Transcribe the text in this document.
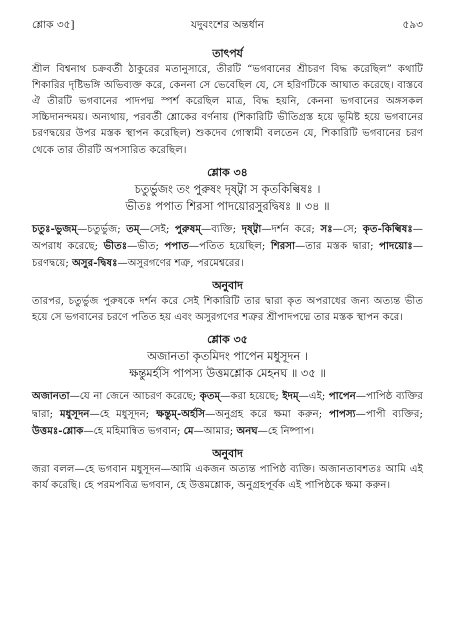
শ্লোক ৩৫]	যদুবংশের অন্তর্ধান	৫৯৩
তাৎপর্য

শ্রীল বিশ্বনাথ চক্রবর্তী ঠাকুরের মতানুসারে, তীরটি “ভগবানের শ্রীচরণ বিদ্ধ করেছিল” কথাটি শিকারির দৃষ্টিভঙ্গি অভিব্যক্ত করে, কেননা সে ভেবেছিল যে, সে হরিণটিকে আঘাত করেছে। বাস্তবে ঐ তীরটি ভগবানের পাদপদ্ম স্পর্শ করেছিল মাত্র, বিদ্ধ হয়নি, কেননা ভগবানের অঙ্গসকল সচ্চিদানন্দময়। অন্যথায়, পরবর্তী শ্লোকের বর্ণনায় (শিকারিটি ভীতিগ্রস্ত হয়ে ভূমিষ্ট হয়ে ভগবানের চরণদ্বয়ের উপর মস্তক স্থাপন করেছিল) শুকদেব গোস্বামী বলতেন যে, শিকারিটি ভগবানের চরণ থেকে তার তীরটি অপসারিত করেছিল।

শ্লোক ৩৪
চতুর্ভুজং তং পুরুষং দৃষ্ট্বা স কৃতকিল্বিষঃ ।
ভীতঃ পপাত শিরসা পাদয়োরসুরদ্বিষঃ ॥ ৩৪ ॥

চতুঃ-ভুজম্—চতুর্ভুজ; তম্—সেই; পুরুষম্—ব্যক্তি; দৃষ্ট্বা—দর্শন করে; সঃ—সে; কৃত-কিল্বিষঃ—অপরাধ করেছে; ভীতঃ—ভীত; পপাত—পতিত হয়েছিল; শিরসা—তার মস্তক দ্বারা; পাদয়োঃ—চরণদ্বয়ে; অসুর-দ্বিষঃ—অসুরগণের শত্রু, পরমেশ্বরের।

অনুবাদ

তারপর, চতুর্ভুজ পুরুষকে দর্শন করে সেই শিকারিটি তার দ্বারা কৃত অপরাধের জন্য অত্যন্ত ভীত হয়ে সে ভগবানের চরণে পতিত হয় এবং অসুরগণের শত্রুর শ্রীপাদপদ্মে তার মস্তক স্থাপন করে।

শ্লোক ৩৫
অজানতা কৃতমিদং পাপেন মধুসূদন ।
ক্ষন্তুমর্হসি পাপস্য উত্তমশ্লোক মেহনঘ ॥ ৩৫ ॥

অজানতা—যে না জেনে আচরণ করেছে; কৃতম্—করা হয়েছে; ইদম্—এই; পাপেন—পাপিষ্ঠ ব্যক্তির দ্বারা; মধুসূদন—হে মধুসূদন; ক্ষন্তুম্-অর্হসি—অনুগ্রহ করে ক্ষমা করুন; পাপস্য—পাপী ব্যক্তির; উত্তমঃ-শ্লোক—হে মহিমান্বিত ভগবান; মে—আমার; অনঘ—হে নিষ্পাপ।

অনুবাদ

জরা বলল—হে ভগবান মধুসূদন—আমি একজন অত্যন্ত পাপিষ্ঠ ব্যক্তি। অজানতাবশতঃ আমি এই কার্য করেছি। হে পরমপবিত্র ভগবান, হে উত্তমশ্লোক, অনুগ্রহপূর্বক এই পাপিষ্ঠকে ক্ষমা করুন।
